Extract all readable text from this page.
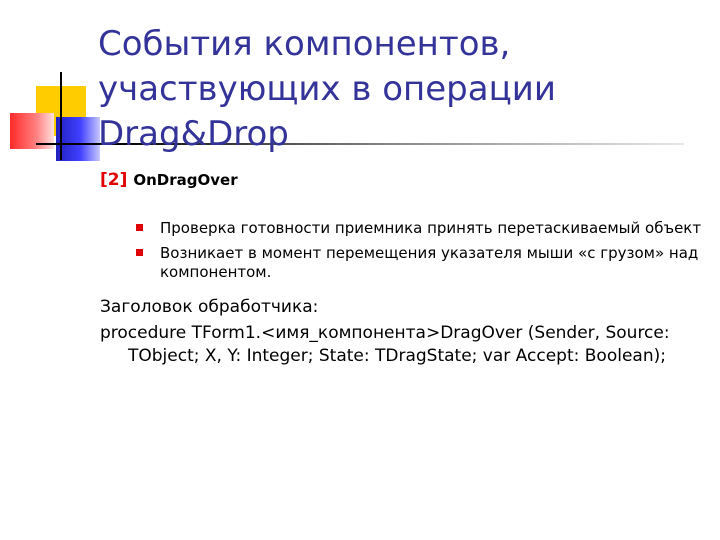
События компонентов,
участвующих в операции
Drag&Drop
[2] OnDragOver
Проверка готовности приемника принять перетаскиваемый объект
Возникает в момент перемещения указателя мыши «с грузом» над компонентом.

Заголовок обработчика:

procedure TForm1.<имя_компонента>DragOver (Sender, Source: TObject; X, Y: Integer; State: TDragState; var Accept: Boolean);
